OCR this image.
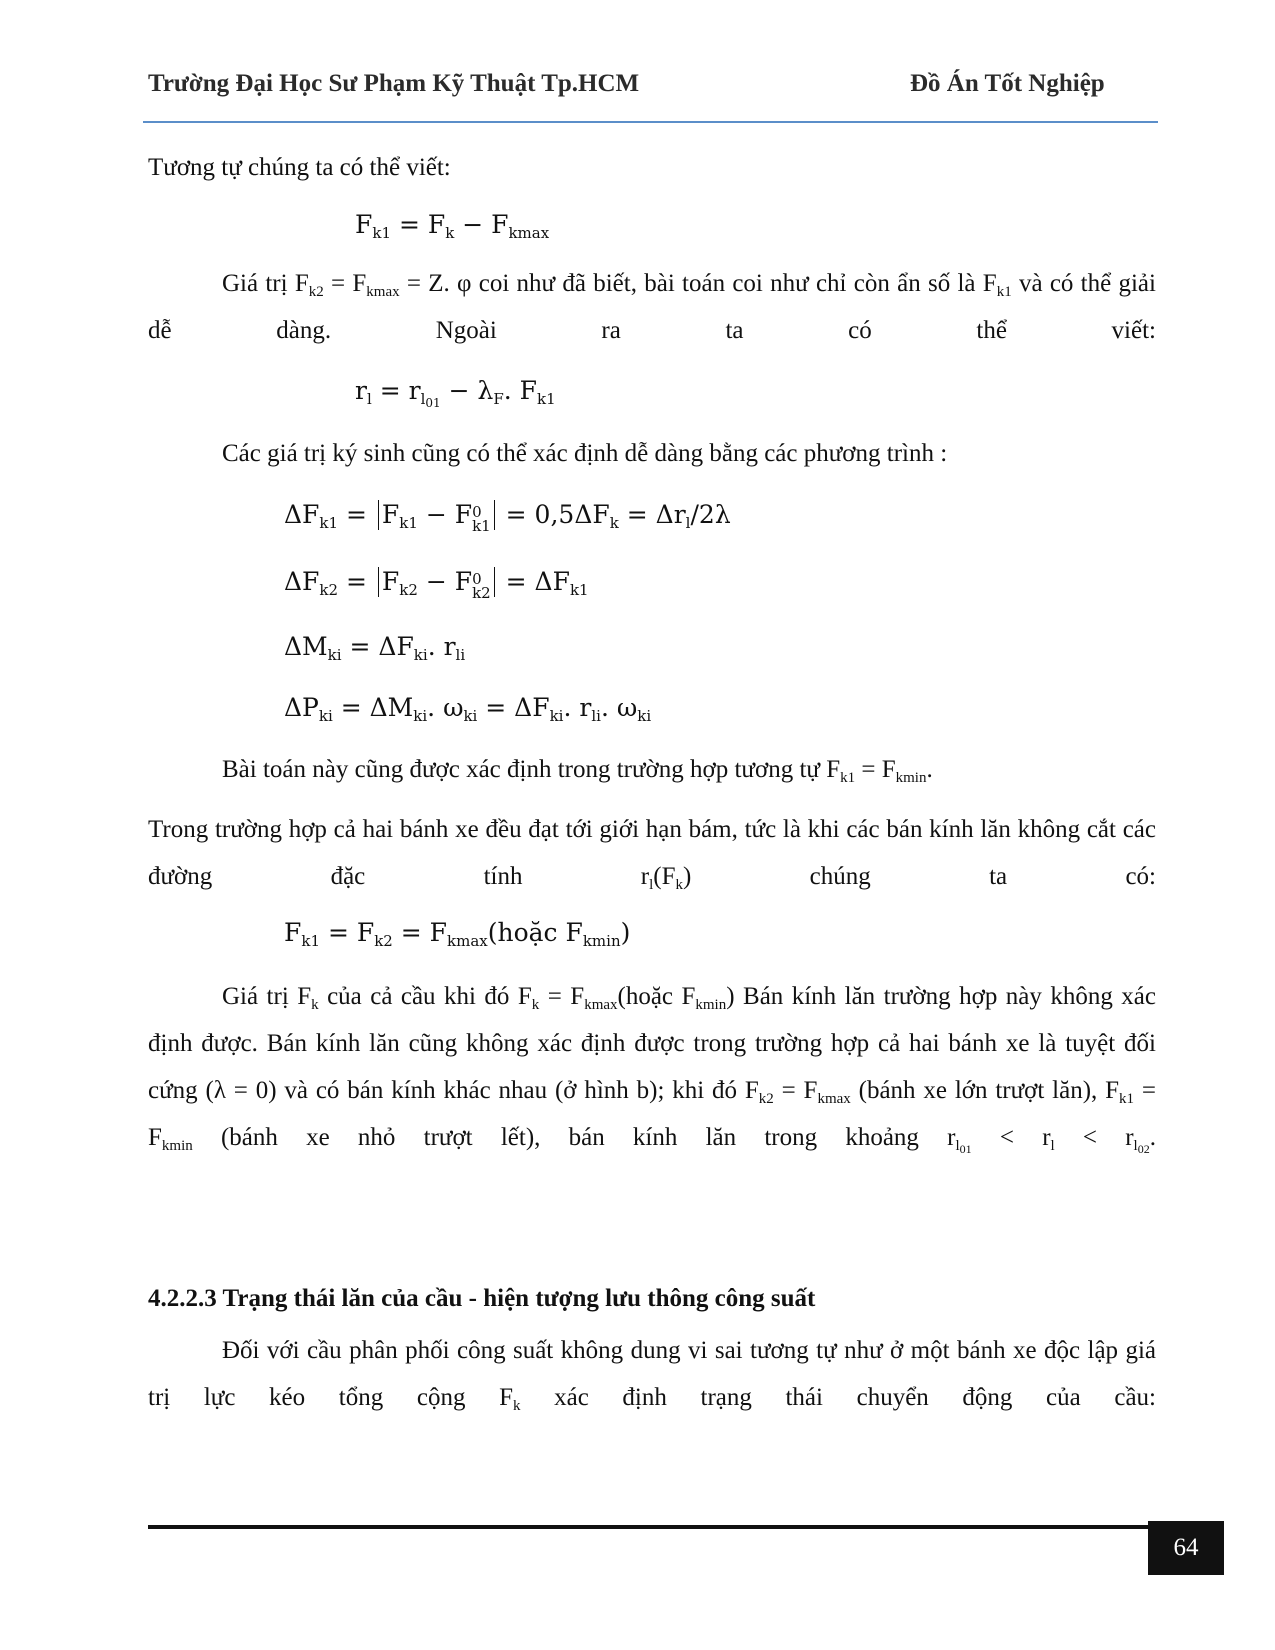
Trường Đại Học Sư Phạm Kỹ Thuật Tp.HCM	Đồ Án Tốt Nghiệp

Tương tự chúng ta có thể viết:

$F_{k1} = F_k - F_{kmax}$

Giá trị $F_{k2} = F_{kmax} = Z$. φ coi như đã biết, bài toán coi như chỉ còn ẩn số là $F_{k1}$ và có thể giải dễ dàng. Ngoài ra ta có thể viết:

$r_l = r_{l_{01}} - \lambda_F$. $F_{k1}$

Các giá trị ký sinh cũng có thể xác định dễ dàng bằng các phương trình :

$\Delta F_{k1} = F_{k1} - F$ 0
$k1 = 0,5\Delta F_k = \Delta r_l/2\lambda$
$\Delta F_{k2} = F_{k2} - F$ 0
$k2 = \Delta F_{k1}$
$\Delta M_{ki} = \Delta F_{ki}$. $r_{li}$
$\Delta P_{ki} = \Delta M_{ki}$. $\omega_{ki} = \Delta F_{ki}$. $r_{li}$. $\omega_{ki}$

Bài toán này cũng được xác định trong trường hợp tương tự $F_{k1} = F_{kmin}$.

Trong trường hợp cả hai bánh xe đều đạt tới giới hạn bám, tức là khi các bán kính lăn không cắt các đường đặc tính $r_l(F_k)$ chúng ta có:

$F_{k1} = F_{k2}$ = $F_{kmax}(hoặc$ $F_{kmin}$)

Giá trị $F_k$ của cả cầu khi đó $F_k$ = $F_{kmax}(hoặc$ $F_{kmin}$) Bán kính lăn trường hợp này không xác định được. Bán kính lăn cũng không xác định được trong trường hợp cả hai bánh xe là tuyệt đối cứng (λ = 0) và có bán kính khác nhau (ở hình b); khi đó $F_{k2} = F_{kmax}$ (bánh xe lớn trượt lăn), $F_{k1} = F_{kmin}$ (bánh xe nhỏ trượt lết), bán kính lăn trong khoảng $r_{l_{01}} < r_l < r_{l_{02}}$.

4.2.2.3 Trạng thái lăn của cầu - hiện tượng lưu thông công suất

Đối với cầu phân phối công suất không dung vi sai tương tự như ở một bánh xe độc lập giá trị lực kéo tổng cộng $F_k$ xác định trạng thái chuyển động của cầu:

64
